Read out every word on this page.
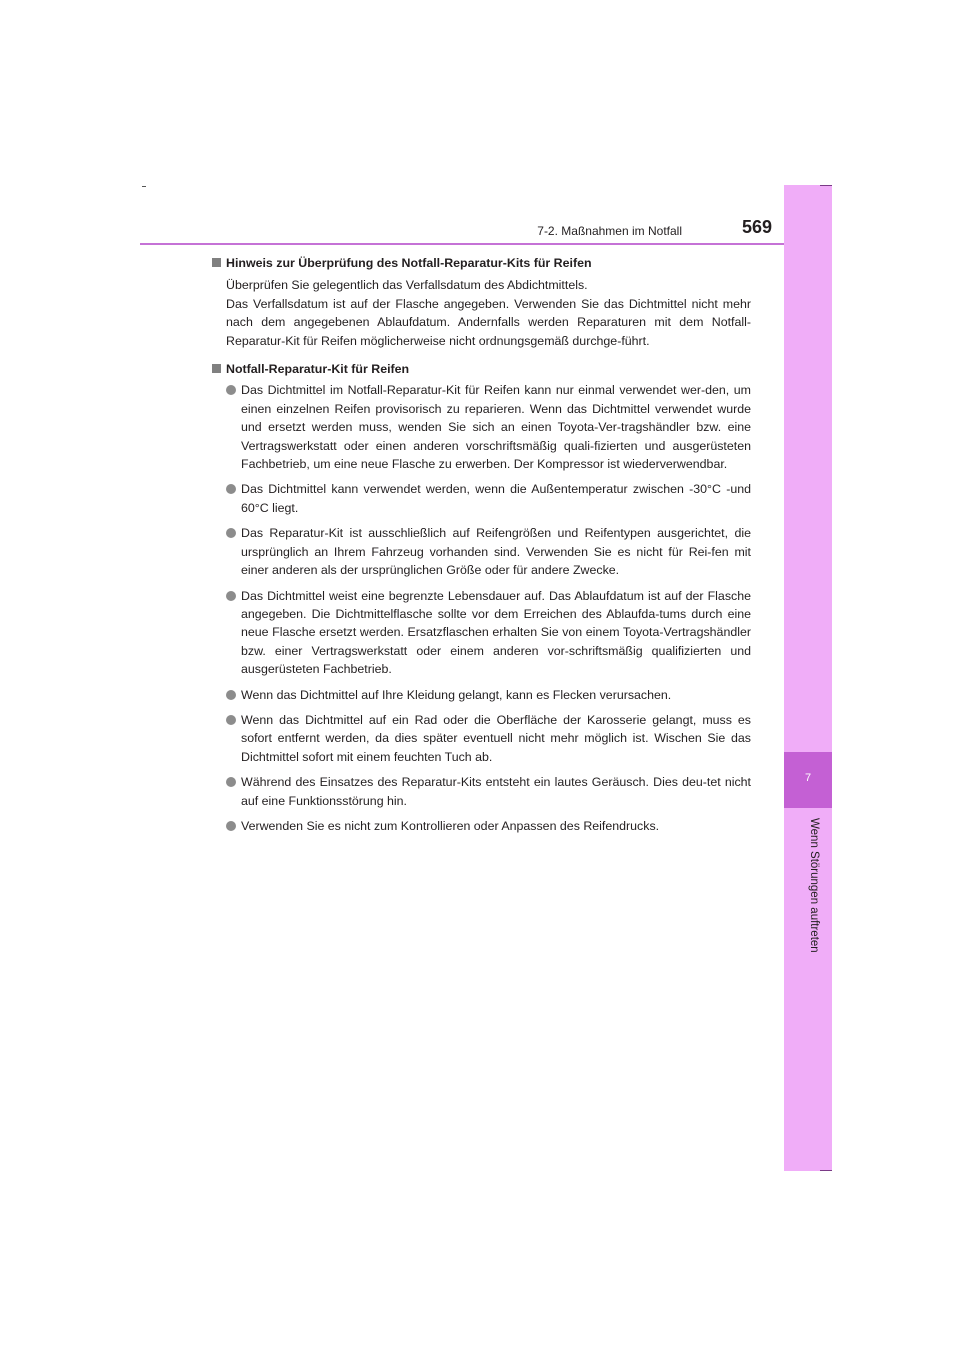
7-2. Maßnahmen im Notfall	569
7
Wenn Störungen auftreten
Hinweis zur Überprüfung des Notfall-Reparatur-Kits für Reifen
Überprüfen Sie gelegentlich das Verfallsdatum des Abdichtmittels.
Das Verfallsdatum ist auf der Flasche angegeben. Verwenden Sie das Dichtmittel nicht mehr nach dem angegebenen Ablaufdatum. Andernfalls werden Reparaturen mit dem Notfall-Reparatur-Kit für Reifen möglicherweise nicht ordnungsgemäß durchge-führt.
Notfall-Reparatur-Kit für Reifen
Das Dichtmittel im Notfall-Reparatur-Kit für Reifen kann nur einmal verwendet wer-den, um einen einzelnen Reifen provisorisch zu reparieren. Wenn das Dichtmittel verwendet wurde und ersetzt werden muss, wenden Sie sich an einen Toyota-Ver-tragshändler bzw. eine Vertragswerkstatt oder einen anderen vorschriftsmäßig quali-fizierten und ausgerüsteten Fachbetrieb, um eine neue Flasche zu erwerben. Der Kompressor ist wiederverwendbar.
Das Dichtmittel kann verwendet werden, wenn die Außentemperatur zwischen -30°C -und 60°C liegt.
Das Reparatur-Kit ist ausschließlich auf Reifengrößen und Reifentypen ausgerichtet, die ursprünglich an Ihrem Fahrzeug vorhanden sind. Verwenden Sie es nicht für Rei-fen mit einer anderen als der ursprünglichen Größe oder für andere Zwecke.
Das Dichtmittel weist eine begrenzte Lebensdauer auf. Das Ablaufdatum ist auf der Flasche angegeben. Die Dichtmittelflasche sollte vor dem Erreichen des Ablaufda-tums durch eine neue Flasche ersetzt werden. Ersatzflaschen erhalten Sie von einem Toyota-Vertragshändler bzw. einer Vertragswerkstatt oder einem anderen vor-schriftsmäßig qualifizierten und ausgerüsteten Fachbetrieb.
Wenn das Dichtmittel auf Ihre Kleidung gelangt, kann es Flecken verursachen.
Wenn das Dichtmittel auf ein Rad oder die Oberfläche der Karosserie gelangt, muss es sofort entfernt werden, da dies später eventuell nicht mehr möglich ist. Wischen Sie das Dichtmittel sofort mit einem feuchten Tuch ab.
Während des Einsatzes des Reparatur-Kits entsteht ein lautes Geräusch. Dies deu-tet nicht auf eine Funktionsstörung hin.
Verwenden Sie es nicht zum Kontrollieren oder Anpassen des Reifendrucks.
